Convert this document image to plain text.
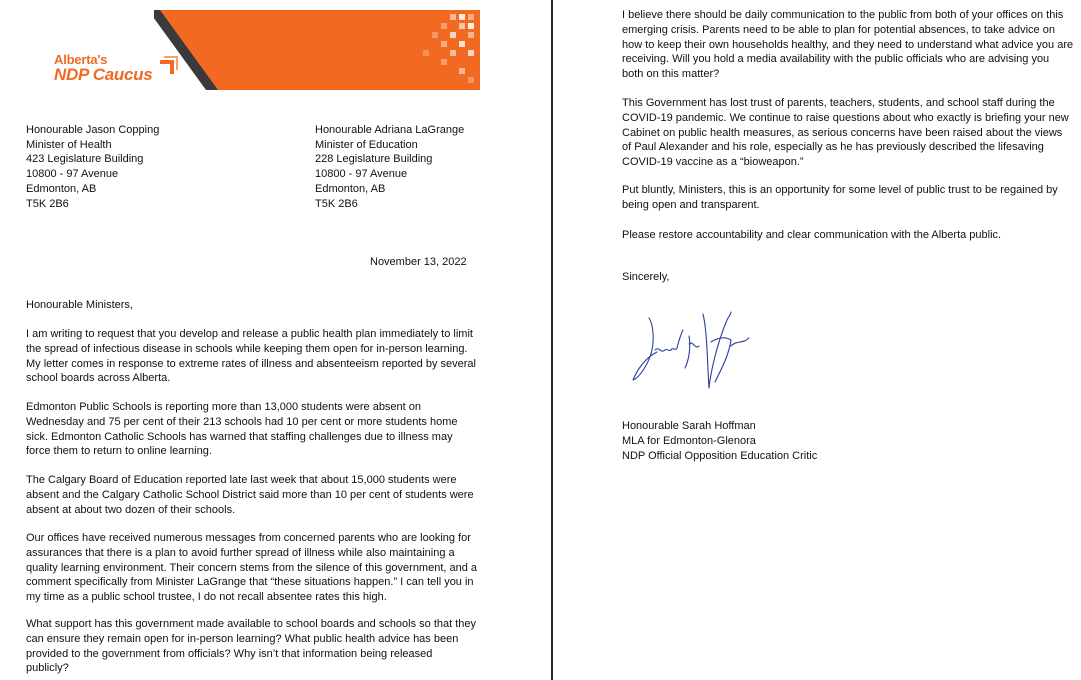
Alberta's
NDP Caucus
Honourable Jason Copping
Minister of Health
423 Legislature Building
10800 - 97 Avenue
Edmonton, AB
T5K 2B6
Honourable Adriana LaGrange
Minister of Education
228 Legislature Building
10800 - 97 Avenue
Edmonton, AB
T5K 2B6
November 13, 2022
Honourable Ministers,
I am writing to request that you develop and release a public health plan immediately to limit
the spread of infectious disease in schools while keeping them open for in-person learning.
My letter comes in response to extreme rates of illness and absenteeism reported by several
school boards across Alberta.
Edmonton Public Schools is reporting more than 13,000 students were absent on
Wednesday and 75 per cent of their 213 schools had 10 per cent or more students home
sick. Edmonton Catholic Schools has warned that staffing challenges due to illness may
force them to return to online learning.
The Calgary Board of Education reported late last week that about 15,000 students were
absent and the Calgary Catholic School District said more than 10 per cent of students were
absent at about two dozen of their schools.
Our offices have received numerous messages from concerned parents who are looking for
assurances that there is a plan to avoid further spread of illness while also maintaining a
quality learning environment. Their concern stems from the silence of this government, and a
comment specifically from Minister LaGrange that “these situations happen.” I can tell you in
my time as a public school trustee, I do not recall absentee rates this high.
What support has this government made available to school boards and schools so that they
can ensure they remain open for in-person learning? What public health advice has been
provided to the government from officials? Why isn’t that information being released
publicly?
I believe there should be daily communication to the public from both of your offices on this
emerging crisis. Parents need to be able to plan for potential absences, to take advice on
how to keep their own households healthy, and they need to understand what advice you are
receiving. Will you hold a media availability with the public officials who are advising you
both on this matter?
This Government has lost trust of parents, teachers, students, and school staff during the
COVID-19 pandemic. We continue to raise questions about who exactly is briefing your new
Cabinet on public health measures, as serious concerns have been raised about the views
of Paul Alexander and his role, especially as he has previously described the lifesaving
COVID-19 vaccine as a “bioweapon.”
Put bluntly, Ministers, this is an opportunity for some level of public trust to be regained by
being open and transparent.
Please restore accountability and clear communication with the Alberta public.
Sincerely,
Honourable Sarah Hoffman
MLA for Edmonton-Glenora
NDP Official Opposition Education Critic
